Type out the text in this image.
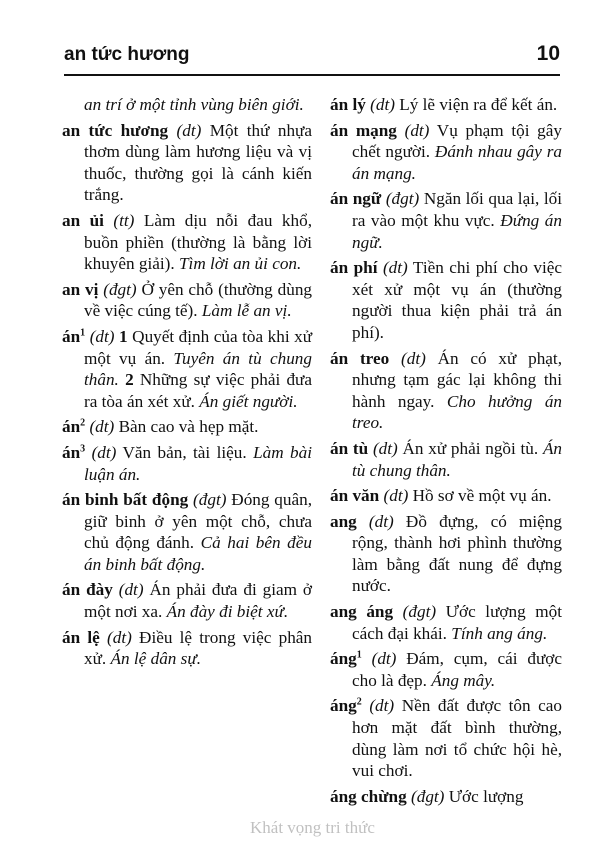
an tức hương	10

an trí ở một tỉnh vùng biên giới.

an tức hương (dt) Một thứ nhựa thơm dùng làm hương liệu và vị thuốc, thường gọi là cánh kiến trắng.

an ủi (tt) Làm dịu nỗi đau khổ, buồn phiền (thường là bằng lời khuyên giải). Tìm lời an ủi con.

an vị (đgt) Ở yên chỗ (thường dùng về việc cúng tế). Làm lễ an vị.

$án^1$ (dt) 1 Quyết định của tòa khi xử một vụ án. Tuyên án tù chung thân. 2 Những sự việc phải đưa ra tòa án xét xử. Án giết người.

$án^2$ (dt) Bàn cao và hẹp mặt.

$án^3$ (dt) Văn bản, tài liệu. Làm bài luận án.

án binh bất động (đgt) Đóng quân, giữ binh ở yên một chỗ, chưa chủ động đánh. Cả hai bên đều án binh bất động.

án đày (dt) Án phải đưa đi giam ở một nơi xa. Án đày đi biệt xứ.

án lệ (dt) Điều lệ trong việc phân xử. Án lệ dân sự.

án lý (dt) Lý lẽ viện ra để kết án.

án mạng (dt) Vụ phạm tội gây chết người. Đánh nhau gây ra án mạng.

án ngữ (đgt) Ngăn lối qua lại, lối ra vào một khu vực. Đứng án ngữ.

án phí (dt) Tiền chi phí cho việc xét xử một vụ án (thường người thua kiện phải trả án phí).

án treo (dt) Án có xử phạt, nhưng tạm gác lại không thi hành ngay. Cho hưởng án treo.

án tù (dt) Án xử phải ngồi tù. Án tù chung thân.

án văn (dt) Hồ sơ về một vụ án.

ang (dt) Đồ đựng, có miệng rộng, thành hơi phình thường làm bằng đất nung để đựng nước.

ang áng (đgt) Ước lượng một cách đại khái. Tính ang áng.

áng$^1$ (dt) Đám, cụm, cái được cho là đẹp. Áng mây.

áng$^2$ (dt) Nền đất được tôn cao hơn mặt đất bình thường, dùng làm nơi tổ chức hội hè, vui chơi.

áng chừng (đgt) Ước lượng

Khát vọng tri thức
